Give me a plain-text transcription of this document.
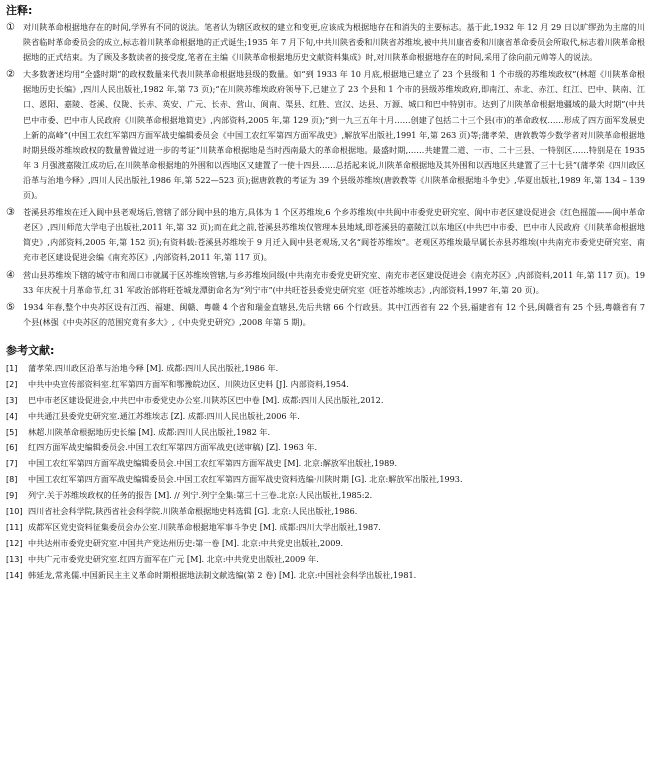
注释:
① 对川陕革命根据地存在的时间,学界有不同的说法。笔者认为辖区政权的建立和变更,应该成为根据地存在和消失的主要标志。基于此,1932 年 12 月 29 日以旷缪劲为主席的川陕省临时革命委员会的成立,标志着川陕革命根据地的正式诞生;1935 年 7 月下旬,中共川陕省委和川陕省苏维埃,被中共川康省委和川康省革命委员会所取代,标志着川陕革命根据地的正式结束。为了顾及多数读者的接受度,笔者在主编《川陕革命根据地历史文献资料集成》时,对川陕革命根据地存在的时间,采用了徐向前元帅等人的说法。
② 大多数著述均用“全盛时期”的政权数量来代表川陕革命根据地县级的数量。如“到 1933 年 10 月底,根据地已建立了 23 个县级和 1 个市级的苏维埃政权”(林超《川陕革命根据地历史长编》,四川人民出版社,1982 年,第 73 页);“在川陕苏维埃政府领导下,已建立了 23 个县和 1 个市的县级苏维埃政府,即南江、赤北、赤江、红江、巴中、陕南、江口、恩阳、嘉陵、苍溪、仪陇、长赤、英安、广元、长赤、营山、阆南、渠县、红胜、宣汉、达县、万源、城口和巴中特别市。达到了川陕革命根据地疆域的最大时期”(中共巴中市委、巴中市人民政府《川陕革命根据地简史》,内部资料,2005 年,第 129 页);“到一九三五年十月……创建了包括二十三个县(市)的革命政权……形成了四方面军发展史上新的高峰”(中国工农红军第四方面军战史编辑委员会《中国工农红军第四方面军战史》,解放军出版社,1991 年,第 263 页)等;蒲孝荣、唐敦教等少数学者对川陕革命根据地时期县级苏维埃政权的数量曾做过进一步的考证“川陕革命根据地是当时西南最大的革命根据地。最盛时期,……共建置二道、一市、二十三县、一特别区……特别是在 1935 年 3 月强渡嘉陵江成功后,在川陕革命根据地的外围和以西地区又建置了一使十四县……总括起来说,川陕革命根据地及其外围和以西地区共建置了三十七县”(蒲孝荣《四川政区沿革与治地今释》,四川人民出版社,1986 年,第 522—523 页);据唐敦教的考证为 39 个县级苏维埃(唐敦教等《川陕革命根据地斗争史》,华夏出版社,1989 年,第 134 – 139 页)。
③ 苍溪县苏维埃在迁入阆中县老观场后,管辖了部分阆中县的地方,具体为 1 个区苏维埃,6 个乡苏维埃(中共阆中市委党史研究室、阆中市老区建设促进会《红色摇篮——阆中革命老区》,四川师范大学电子出版社,2011 年,第 32 页);而在此之前,苍溪县苏维埃仅管理本县地域,即苍溪县的嘉陵江以东地区(中共巴中市委、巴中市人民政府《川陕革命根据地简史》,内部资料,2005 年,第 152 页);有资料载:苍溪县苏维埃于 9 月迁入阆中县老观场,又名“阆苍苏维埃”。老观区苏维埃最早属长赤县苏维埃(中共南充市委党史研究室、南充市老区建设促进会编《南充苏区》,内部资料,2011 年,第 117 页)。
④ 营山县苏维埃下辖的城守市和周口市就属于区苏维埃管辖,与乡苏维埃同级(中共南充市委党史研究室、南充市老区建设促进会《南充苏区》,内部资料,2011 年,第 117 页)。1933 年庆祝十月革命节,红 31 军政治部将旺苍城龙潭街命名为“列宁市”(中共旺苍县委党史研究室《旺苍苏维埃志》,内部资料,1997 年,第 20 页)。
⑤ 1934 年春,整个中央苏区设有江西、福建、闽赣、粤赣 4 个省和瑞金直辖县,先后共辖 66 个行政县。其中江西省有 22 个县,福建省有 12 个县,闽赣省有 25 个县,粤赣省有 7 个县(林强《中央苏区的范围究竟有多大》,《中央党史研究》,2008 年第 5 期)。
参考文献:
[1]	蒲孝荣.四川政区沿革与治地今释 [M]. 成都:四川人民出版社,1986 年.
[2]	中共中央宣传部资料室.红军第四方面军和鄂豫皖边区、川陕边区史料 [J]. 内部资料,1954.
[3]	巴中市老区建设促进会,中共巴中市委党史办公室.川陕苏区巴中卷 [M]. 成都:四川人民出版社,2012.
[4]	中共通江县委党史研究室.通江苏维埃志 [Z]. 成都:四川人民出版社,2006 年.
[5]	林超.川陕革命根据地历史长编 [M]. 成都:四川人民出版社,1982 年.
[6]	红四方面军战史编辑委员会.中国工农红军第四方面军战史(送审稿) [Z]. 1963 年.
[7]	中国工农红军第四方面军战史编辑委员会.中国工农红军第四方面军战史 [M]. 北京:解放军出版社,1989.
[8]	中国工农红军第四方面军战史编辑委员会.中国工农红军第四方面军战史资料选编·川陕时期 [G]. 北京:解放军出版社,1993.
[9]	列宁.关于苏维埃政权的任务的报告 [M]. // 列宁.列宁全集:第三十三卷.北京:人民出版社,1985:2.
[10] 四川省社会科学院,陕西省社会科学院.川陕革命根据地史料选辑 [G]. 北京:人民出版社,1986.
[11] 成都军区党史资料征集委员会办公室.川陕革命根据地军事斗争史 [M]. 成都:四川大学出版社,1987.
[12] 中共达州市委党史研究室.中国共产党达州历史:第一卷 [M]. 北京:中共党史出版社,2009.
[13] 中共广元市委党史研究室.红四方面军在广元 [M]. 北京:中共党史出版社,2009 年.
[14] 韩延龙,常兆儒.中国新民主主义革命时期根据地法制文献选编(第 2 卷) [M]. 北京:中国社会科学出版社,1981.
